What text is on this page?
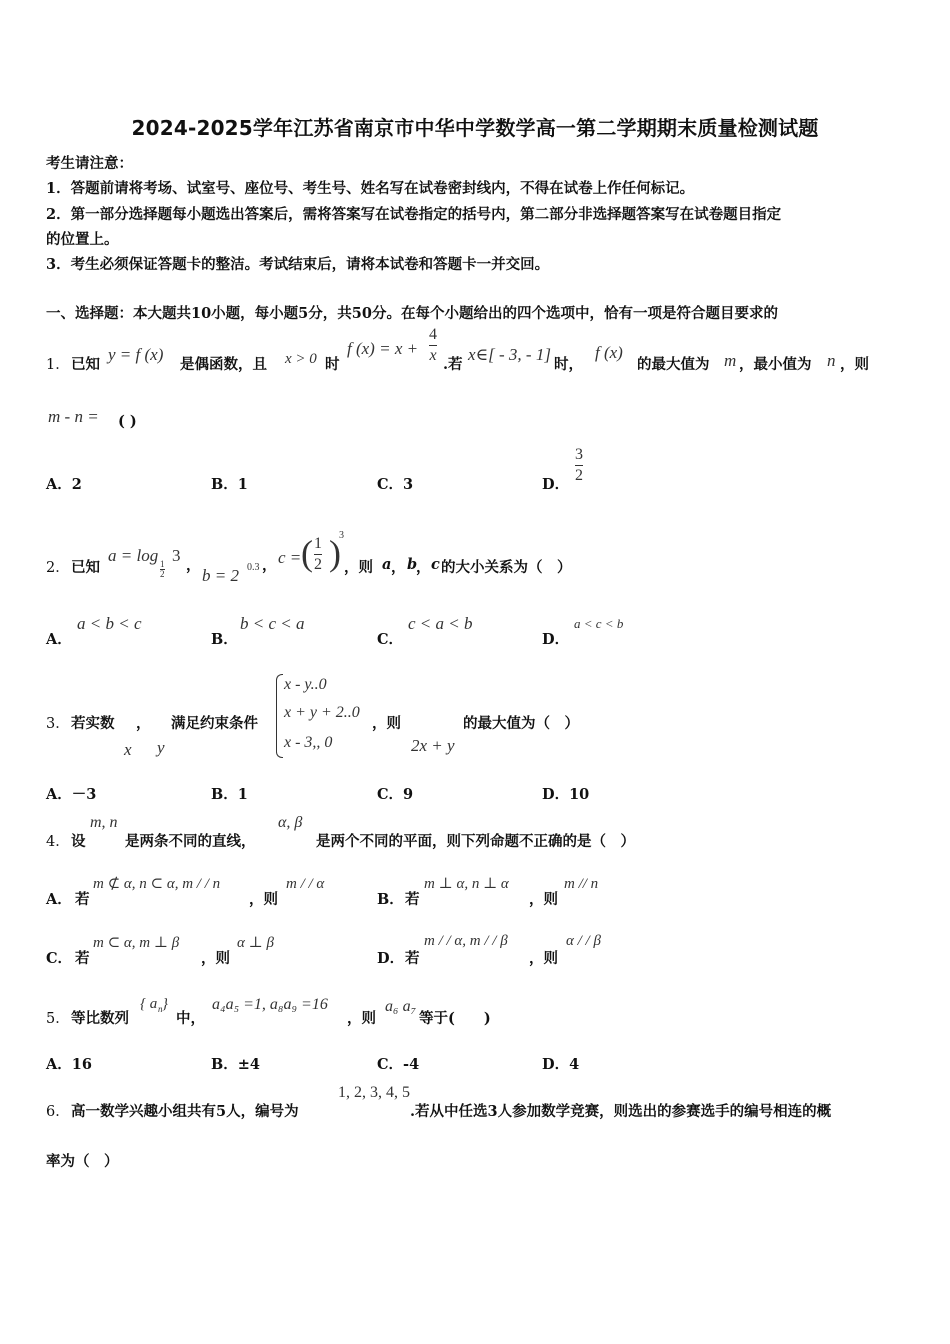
2024-2025学年江苏省南京市中华中学数学高一第二学期期末质量检测试题
考生请注意：
1．答题前请将考场、试室号、座位号、考生号、姓名写在试卷密封线内，不得在试卷上作任何标记。
2．第一部分选择题每小题选出答案后，需将答案写在试卷指定的括号内，第二部分非选择题答案写在试卷题目指定
的位置上。
3．考生必须保证答题卡的整洁。考试结束后，请将本试卷和答题卡一并交回。
一、选择题：本大题共10小题，每小题5分，共50分。在每个小题给出的四个选项中，恰有一项是符合题目要求的
1． 已知
y = f (x)
是偶函数，且 x > 0 时
f (x) = x +
4
x
.若
x∈[ - 3, - 1]
时，
f (x)
的最大值为 m ，最小值为 n ，则
m - n = ( )
A．2	B．1	C．3	D．
3
2
2． 已知
a = log 1
2
3
，
b = 2 0.3 ， c = ( 1
2 )
3
，则 a ， b
， c 的大小关系为（　）
A．
a < b < c
B．
b < c < a
C．
c < a < b
D．
a < c < b
3． 若实数 ，
x y
满足约束条件
x - y..0
x + y + 2..0
x - 3,, 0
，则
2x + y
的最大值为（　）
A．－3	B．1	C．9	D．10
4． 设
m, n
是两条不同的直线，
α, β
是两个不同的平面，则下列命题不正确的是（　）
A． 若
m ⊄ α, n ⊂ α, m / / n
，则
m / / α
B． 若
m ⊥ α, n ⊥ α
，则
m // n
C． 若
m ⊂ α, m ⊥ β
，则
α ⊥ β
D． 若
m / / α, m / / β
，则
α / / β
5． 等比数列
{ a n }
中，
a₄a₅ =1, a₈a₉ =16
，则
a₆ a₇
等于(　　)
A．16	B．±4	C．-4	D．4
6． 高一数学兴趣小组共有5人，编号为
1, 2, 3, 4, 5
.若从中任选3人参加数学竞赛，则选出的参赛选手的编号相连的概
率为（　）
